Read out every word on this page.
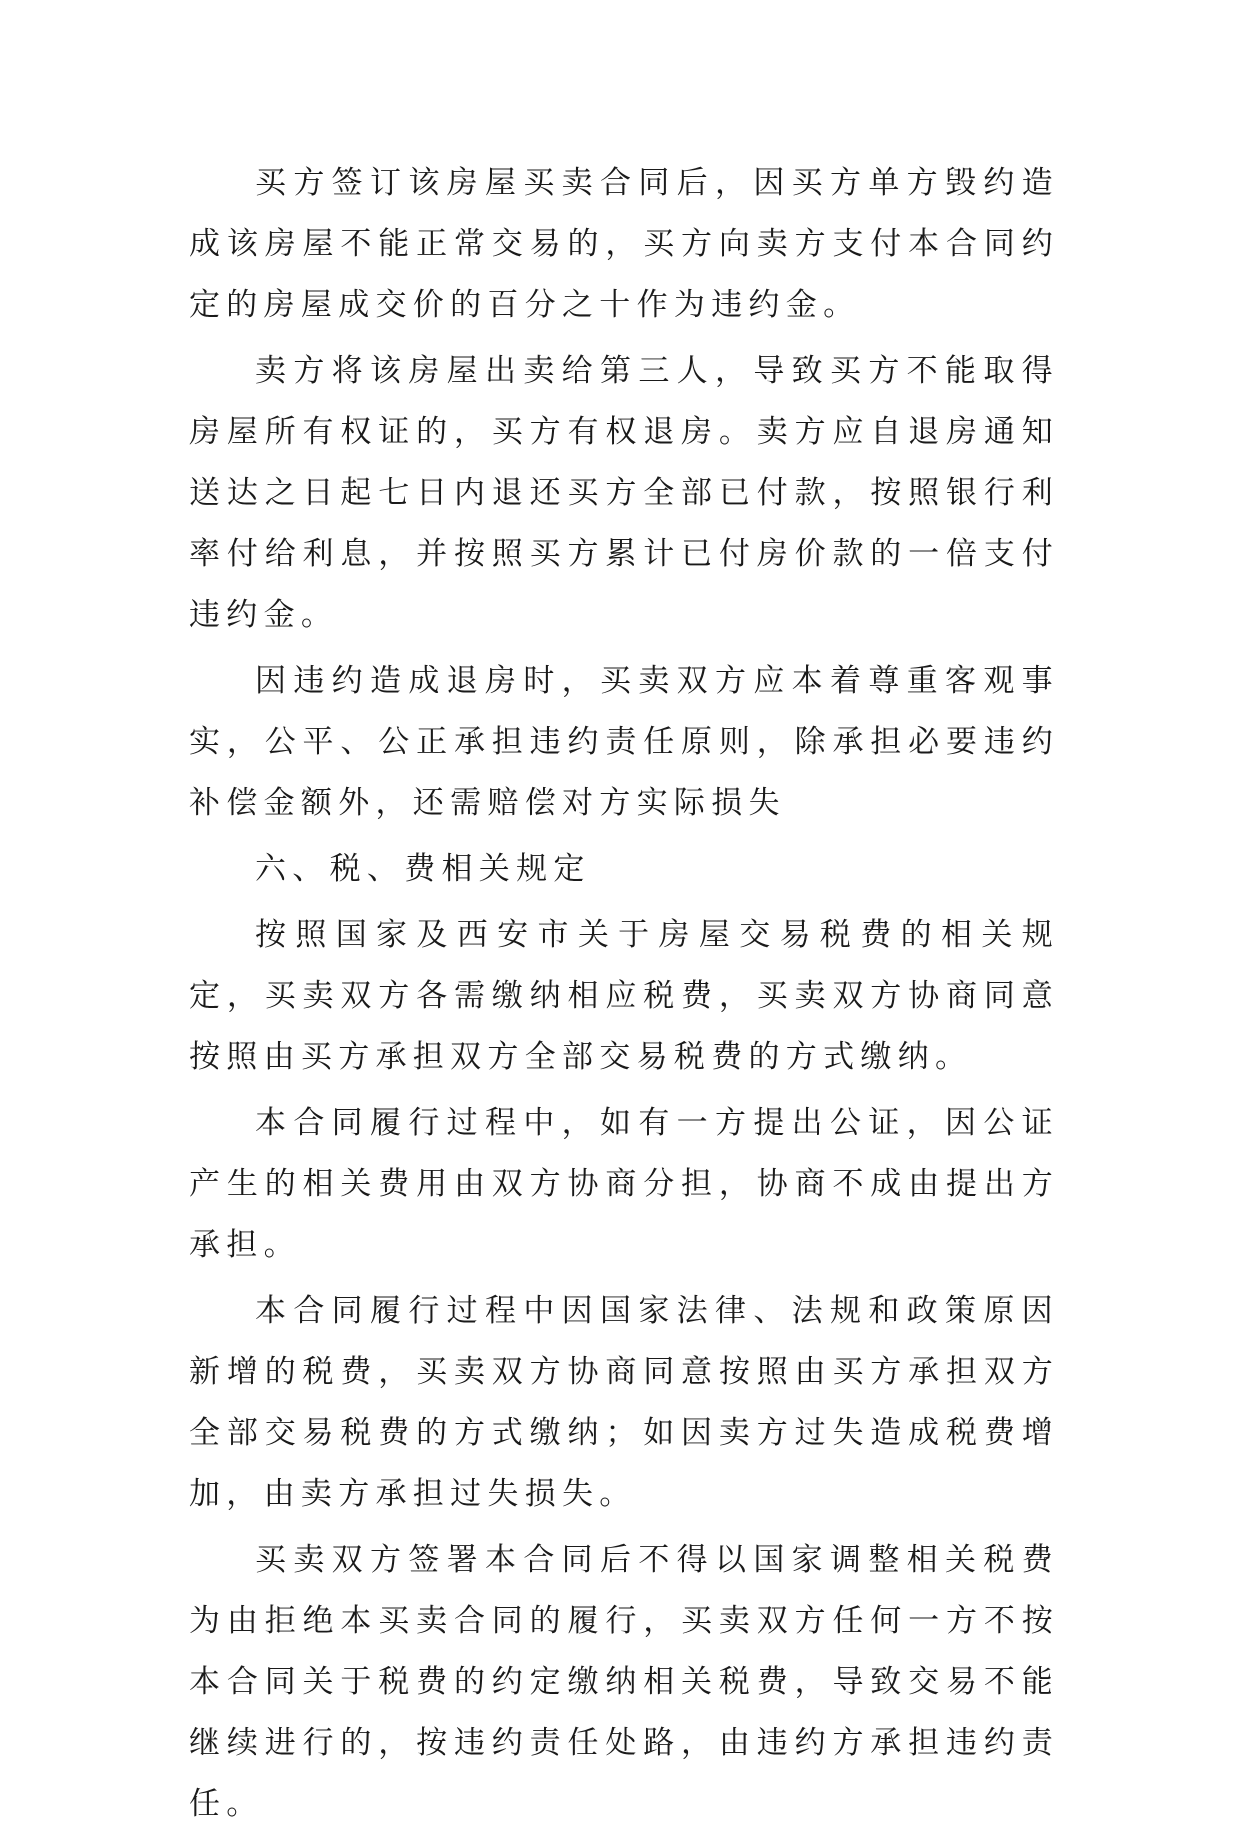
买方签订该房屋买卖合同后，因买方单方毁约造成该房屋不能正常交易的，买方向卖方支付本合同约定的房屋成交价的百分之十作为违约金。

卖方将该房屋出卖给第三人，导致买方不能取得房屋所有权证的，买方有权退房。卖方应自退房通知送达之日起七日内退还买方全部已付款，按照银行利率付给利息，并按照买方累计已付房价款的一倍支付违约金。

因违约造成退房时，买卖双方应本着尊重客观事实，公平、公正承担违约责任原则，除承担必要违约补偿金额外，还需赔偿对方实际损失

六、税、费相关规定

按照国家及西安市关于房屋交易税费的相关规定，买卖双方各需缴纳相应税费，买卖双方协商同意按照由买方承担双方全部交易税费的方式缴纳。

本合同履行过程中，如有一方提出公证，因公证产生的相关费用由双方协商分担，协商不成由提出方承担。

本合同履行过程中因国家法律、法规和政策原因新增的税费，买卖双方协商同意按照由买方承担双方全部交易税费的方式缴纳；如因卖方过失造成税费增加，由卖方承担过失损失。

买卖双方签署本合同后不得以国家调整相关税费为由拒绝本买卖合同的履行，买卖双方任何一方不按本合同关于税费的约定缴纳相关税费，导致交易不能继续进行的，按违约责任处路，由违约方承担违约责任。
